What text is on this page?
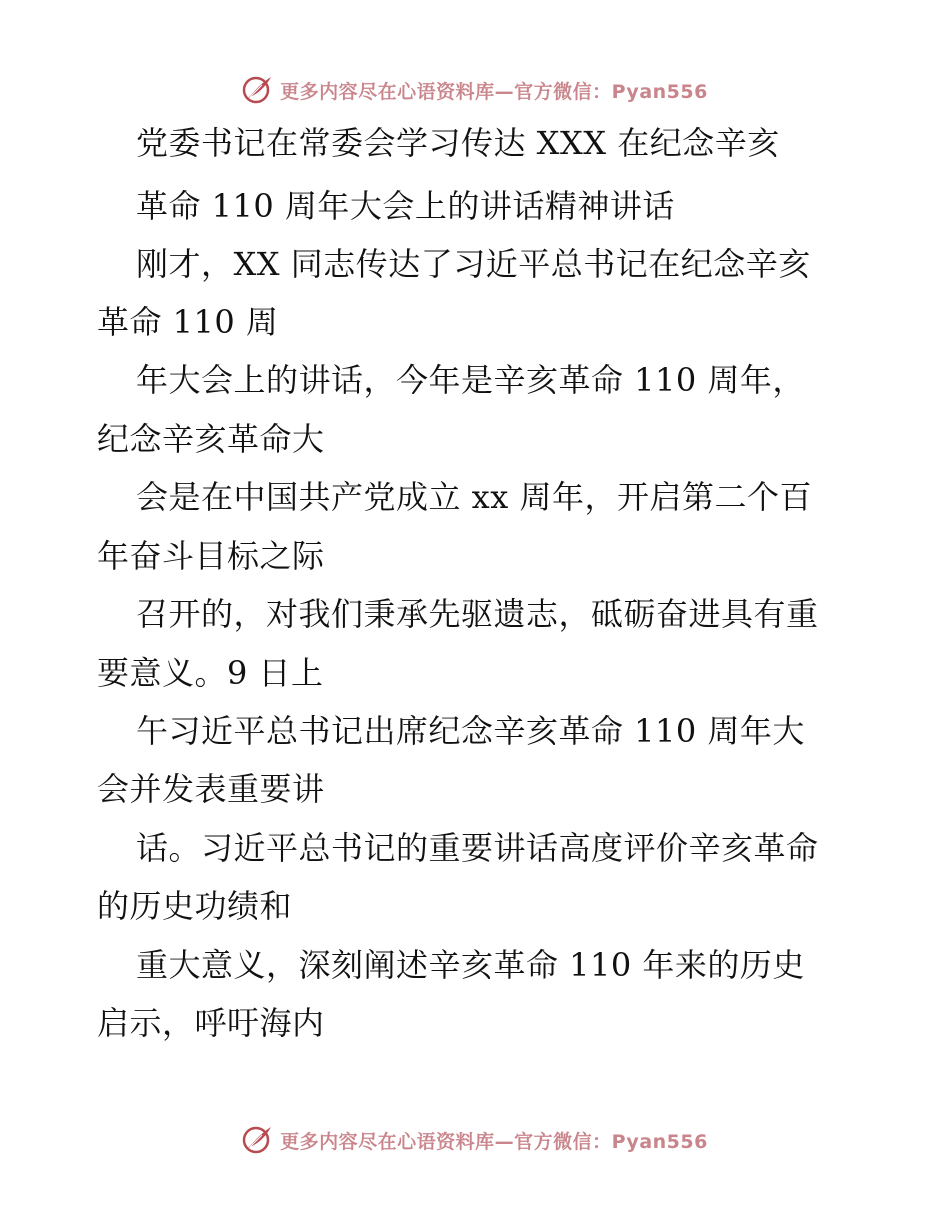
更多内容尽在心语资料库—官方微信：Pyan556
党委书记在常委会学习传达 XXX 在纪念辛亥
革命 110 周年大会上的讲话精神讲话
刚才，XX 同志传达了习近平总书记在纪念辛亥
革命 110 周
年大会上的讲话，今年是辛亥革命 110 周年，
纪念辛亥革命大
会是在中国共产党成立 xx 周年，开启第二个百
年奋斗目标之际
召开的，对我们秉承先驱遗志，砥砺奋进具有重
要意义。9 日上
午习近平总书记出席纪念辛亥革命 110 周年大
会并发表重要讲
话。习近平总书记的重要讲话高度评价辛亥革命
的历史功绩和
重大意义，深刻阐述辛亥革命 110 年来的历史
启示，呼吁海内
更多内容尽在心语资料库—官方微信：Pyan556
